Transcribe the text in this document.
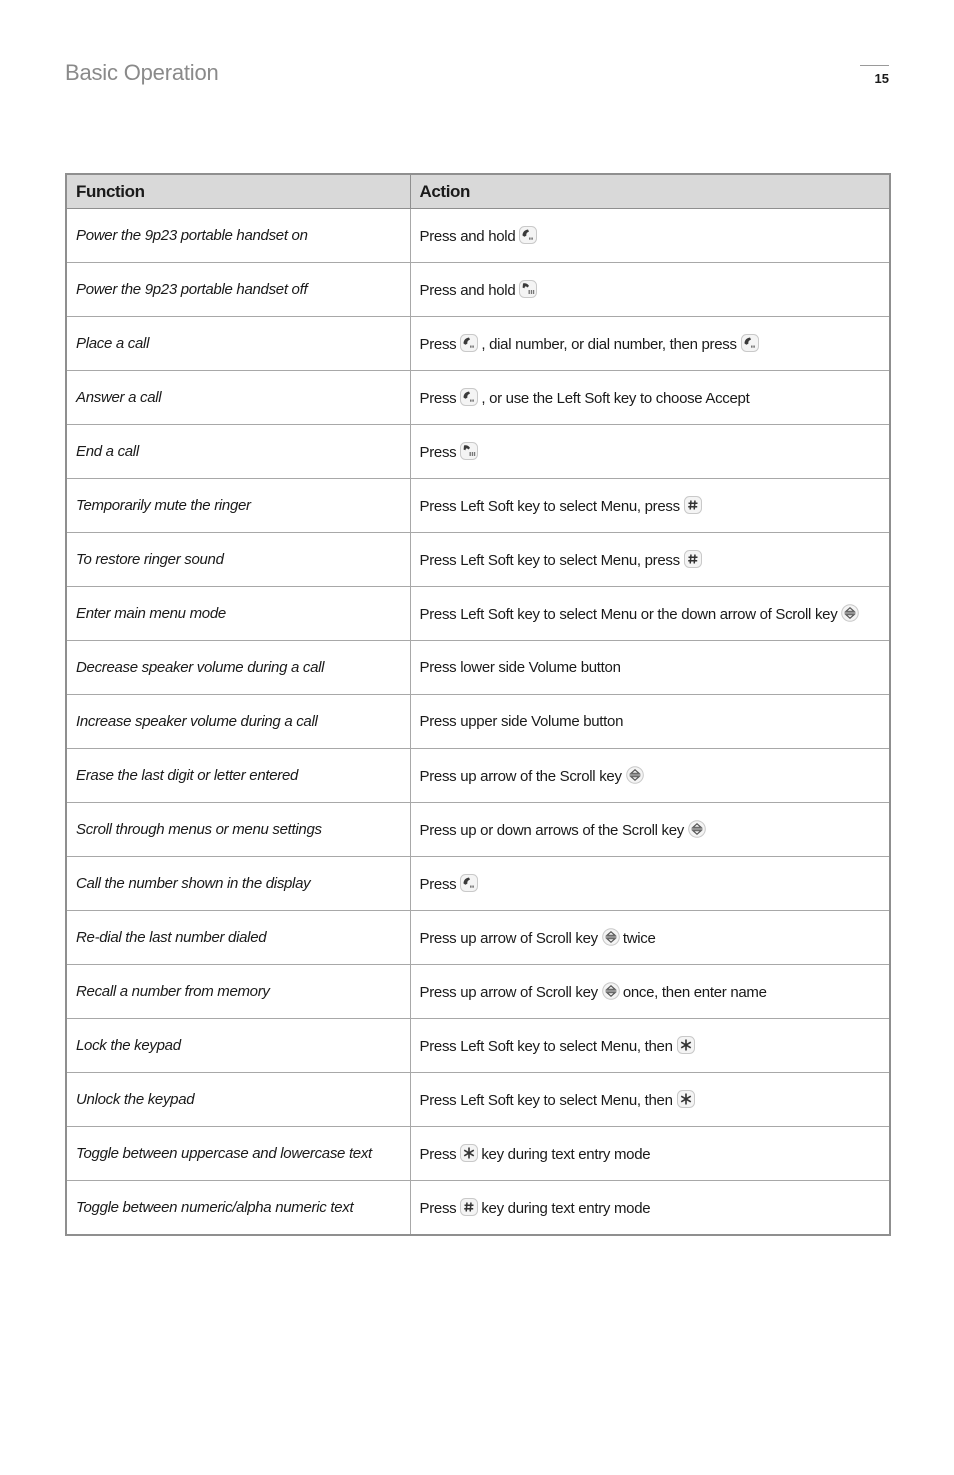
Basic Operation	15
Function	Action
Power the 9p23 portable handset on	Press and hold

Power the 9p23 portable handset off	Press and hold

Place a call	Press , dial number, or dial number, then press

Answer a call	Press , or use the Left Soft key to choose Accept
End a call	Press

Temporarily mute the ringer	Press Left Soft key to select Menu, press

To restore ringer sound	Press Left Soft key to select Menu, press

Enter main menu mode	Press Left Soft key to select Menu or the down arrow of Scroll key

Decrease speaker volume during a call	Press lower side Volume button
Increase speaker volume during a call	Press upper side Volume button
Erase the last digit or letter entered	Press up arrow of the Scroll key

Scroll through menus or menu settings	Press up or down arrows of the Scroll key

Call the number shown in the display	Press

Re-dial the last number dialed	Press up arrow of Scroll key twice
Recall a number from memory	Press up arrow of Scroll key once, then enter name
Lock the keypad	Press Left Soft key to select Menu, then

Unlock the keypad	Press Left Soft key to select Menu, then

Toggle between uppercase and lowercase text	Press key during text entry mode
Toggle between numeric/alpha numeric text	Press key during text entry mode
